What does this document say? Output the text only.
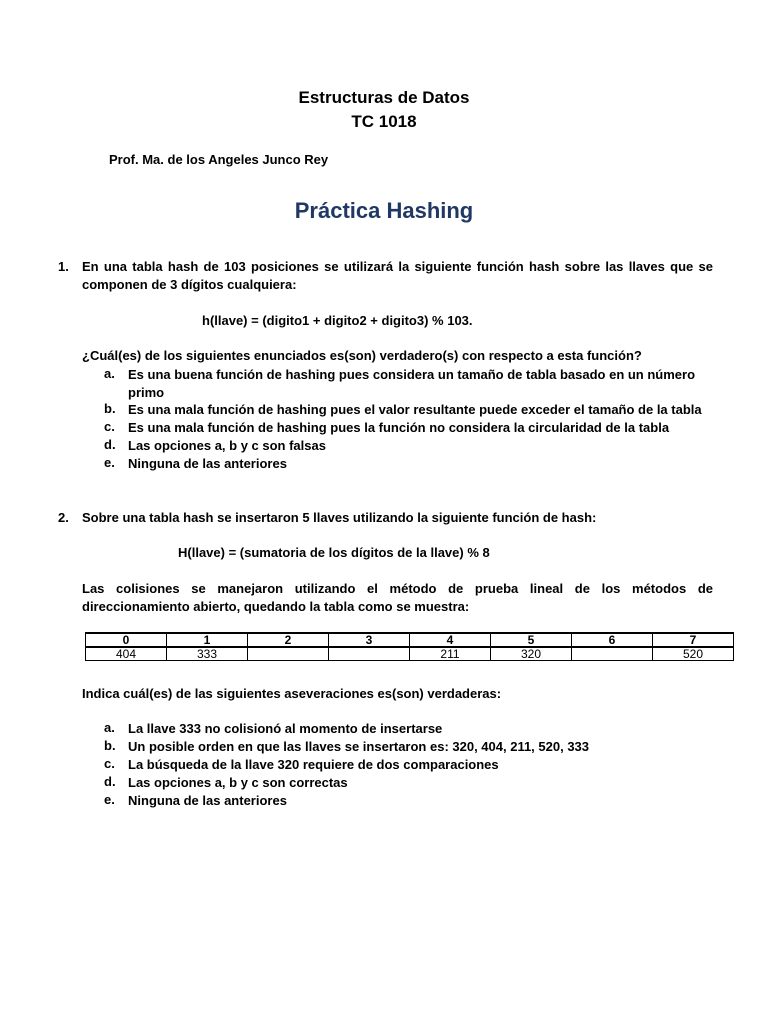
Estructuras de Datos
TC 1018
Prof. Ma. de los Angeles Junco Rey
Práctica Hashing
1. En una tabla hash de 103 posiciones se utilizará la siguiente función hash sobre las llaves que se componen de 3 dígitos cualquiera:
h(llave) = (digito1 + digito2 + digito3) % 103.
¿Cuál(es) de los siguientes enunciados es(son) verdadero(s) con respecto a esta función?
a. Es una buena función de hashing pues considera un tamaño de tabla basado en un número primo
b. Es una mala función de hashing pues el valor resultante puede exceder el tamaño de la tabla
c. Es una mala función de hashing pues la función no considera la circularidad de la tabla
d. Las opciones a, b y c son falsas
e. Ninguna de las anteriores
2. Sobre una tabla hash se insertaron 5 llaves utilizando la siguiente función de hash:
H(llave) = (sumatoria de los dígitos de la llave) % 8
Las colisiones se manejaron utilizando el método de prueba lineal de los métodos de direccionamiento abierto, quedando la tabla como se muestra:
0	1	2	3	4	5	6	7
404	333			211	320		520
Indica cuál(es) de las siguientes aseveraciones es(son) verdaderas:
a. La llave 333 no colisionó al momento de insertarse
b. Un posible orden en que las llaves se insertaron es: 320, 404, 211, 520, 333
c. La búsqueda de la llave 320 requiere de dos comparaciones
d. Las opciones a, b y c son correctas
e. Ninguna de las anteriores
